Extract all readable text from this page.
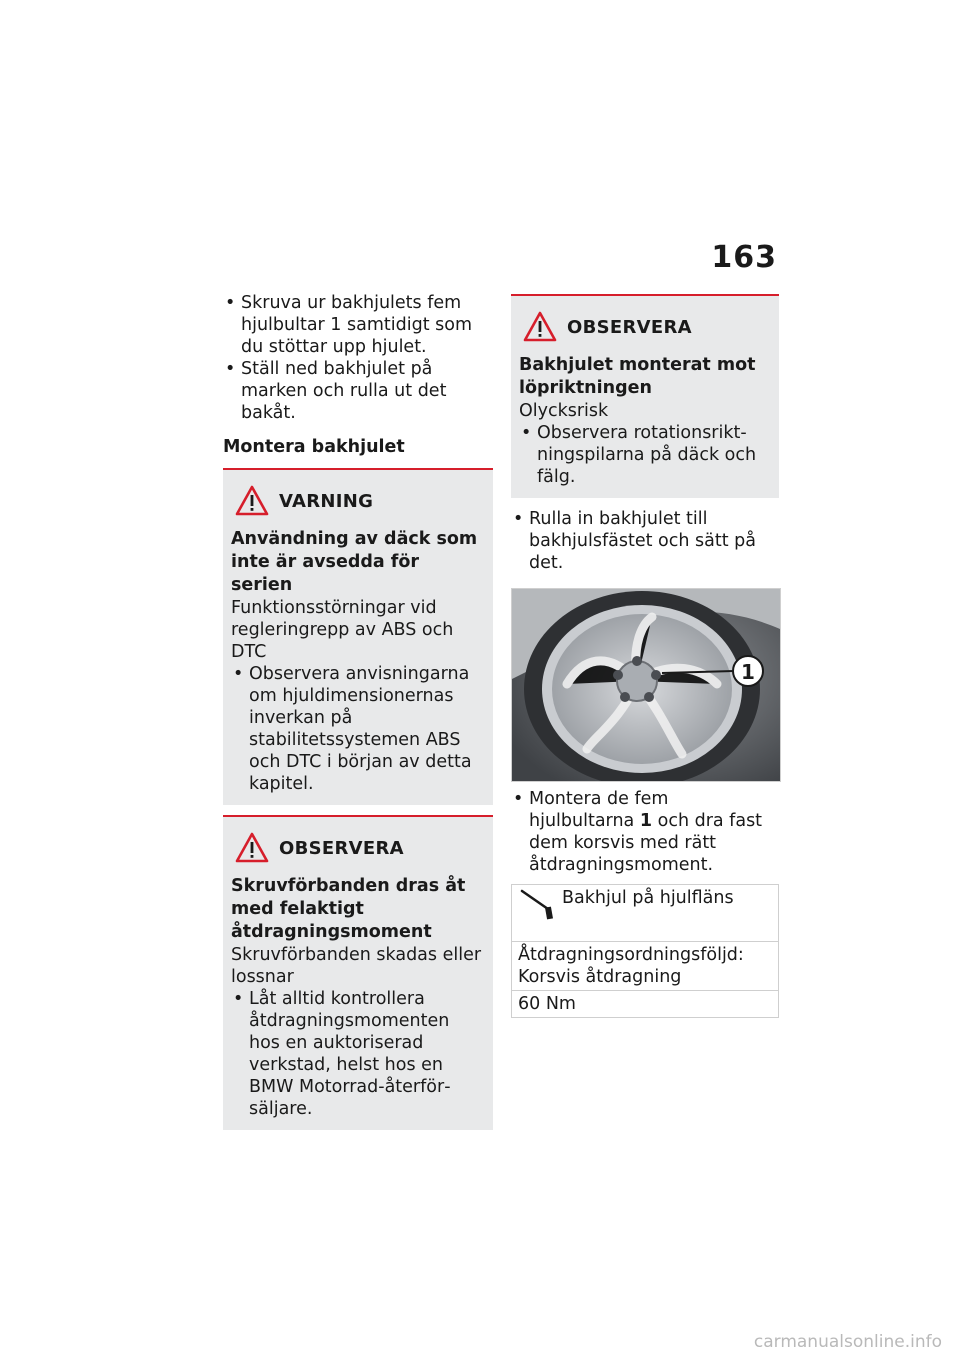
163

• Skruva ur bakhjulets fem hjulbultar 1 samtidigt som du stöttar upp hjulet.

• Ställ ned bakhjulet på marken och rulla ut det bakåt.

Montera bakhjulet
VARNING
Användning av däck som inte är avsedda för serien
Funktionsstörningar vid regleringrepp av ABS och DTC

• Observera anvisningarna om hjuldimensionernas inverkan på stabilitetssystemen ABS och DTC i början av detta kapitel.

OBSERVERA
Skruvförbanden dras åt med felaktigt åtdragningsmoment
Skruvförbanden skadas eller lossnar

• Låt alltid kontrollera åtdragningsmomenten hos en auktoriserad verkstad, helst hos en BMW Motorrad-återförsäljare.

OBSERVERA
Bakhjulet monterat mot löpriktningen
Olycksrisk

• Observera rotationsriktningspilarna på däck och fälg.

• Rulla in bakhjulet till bakhjulsfästet och sätt på det.

1

• Montera de fem hjulbultarna 1 och dra fast dem korsvis med rätt åtdragningsmoment.

Bakhjul på hjulfläns
Åtdragningsordningsföljd: Korsvis åtdragning
60 Nm
carmanualsonline.info
